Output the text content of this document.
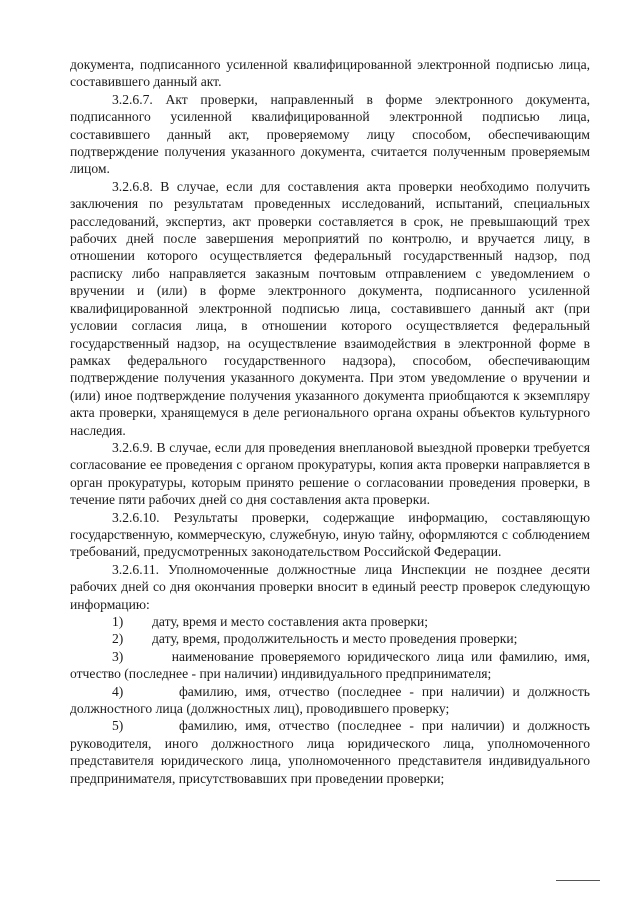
документа, подписанного усиленной квалифицированной электронной подписью лица, составившего данный акт.

3.2.6.7. Акт проверки, направленный в форме электронного документа, подписанного усиленной квалифицированной электронной подписью лица, составившего данный акт, проверяемому лицу способом, обеспечивающим подтверждение получения указанного документа, считается полученным проверяемым лицом.

3.2.6.8. В случае, если для составления акта проверки необходимо получить заключения по результатам проведенных исследований, испытаний, специальных расследований, экспертиз, акт проверки составляется в срок, не превышающий трех рабочих дней после завершения мероприятий по контролю, и вручается лицу, в отношении которого осуществляется федеральный государственный надзор, под расписку либо направляется заказным почтовым отправлением с уведомлением о вручении и (или) в форме электронного документа, подписанного усиленной квалифицированной электронной подписью лица, составившего данный акт (при условии согласия лица, в отношении которого осуществляется федеральный государственный надзор, на осуществление взаимодействия в электронной форме в рамках федерального государственного надзора), способом, обеспечивающим подтверждение получения указанного документа. При этом уведомление о вручении и (или) иное подтверждение получения указанного документа приобщаются к экземпляру акта проверки, хранящемуся в деле регионального органа охраны объектов культурного наследия.

3.2.6.9. В случае, если для проведения внеплановой выездной проверки требуется согласование ее проведения с органом прокуратуры, копия акта проверки направляется в орган прокуратуры, которым принято решение о согласовании проведения проверки, в течение пяти рабочих дней со дня составления акта проверки.

3.2.6.10. Результаты проверки, содержащие информацию, составляющую государственную, коммерческую, служебную, иную тайну, оформляются с соблюдением требований, предусмотренных законодательством Российской Федерации.

3.2.6.11. Уполномоченные должностные лица Инспекции не позднее десяти рабочих дней со дня окончания проверки вносит в единый реестр проверок следующую информацию:

1)	дату, время и место составления акта проверки;
2)	дату, время, продолжительность и место проведения проверки;

3)	наименование проверяемого юридического лица или фамилию, имя, отчество (последнее - при наличии) индивидуального предпринимателя;

4)	фамилию, имя, отчество (последнее - при наличии) и должность должностного лица (должностных лиц), проводившего проверку;

5)	фамилию, имя, отчество (последнее - при наличии) и должность руководителя, иного должностного лица юридического лица, уполномоченного представителя юридического лица, уполномоченного представителя индивидуального предпринимателя, присутствовавших при проведении проверки;
